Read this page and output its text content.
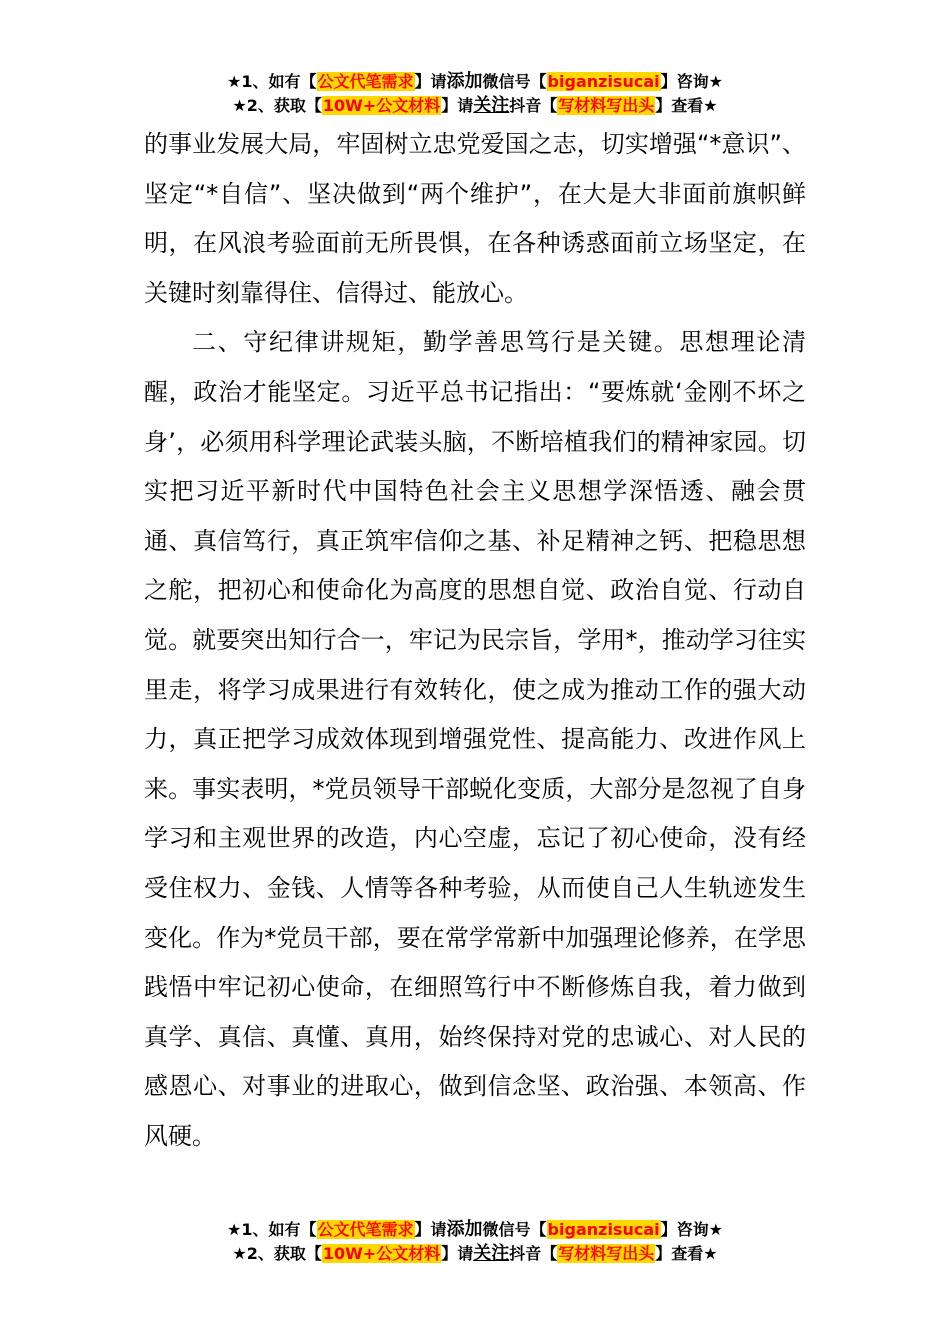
★1、如有【公文代笔需求】请添加微信号【biganzisucai】咨询★
★2、获取【10W+公文材料】请关注抖音【写材料写出头】查看★

的事业发展大局，牢固树立忠党爱国之志，切实增强“*意识”、坚定“*自信”、坚决做到“两个维护”，在大是大非面前旗帜鲜明，在风浪考验面前无所畏惧，在各种诱惑面前立场坚定，在关键时刻靠得住、信得过、能放心。

二、守纪律讲规矩，勤学善思笃行是关键。思想理论清醒，政治才能坚定。习近平总书记指出：“要炼就‘金刚不坏之身’，必须用科学理论武装头脑，不断培植我们的精神家园。切实把习近平新时代中国特色社会主义思想学深悟透、融会贯通、真信笃行，真正筑牢信仰之基、补足精神之钙、把稳思想之舵，把初心和使命化为高度的思想自觉、政治自觉、行动自觉。就要突出知行合一，牢记为民宗旨，学用*，推动学习往实里走，将学习成果进行有效转化，使之成为推动工作的强大动力，真正把学习成效体现到增强党性、提高能力、改进作风上来。事实表明，*党员领导干部蜕化变质，大部分是忽视了自身学习和主观世界的改造，内心空虚，忘记了初心使命，没有经受住权力、金钱、人情等各种考验，从而使自己人生轨迹发生变化。作为*党员干部，要在常学常新中加强理论修养，在学思践悟中牢记初心使命，在细照笃行中不断修炼自我，着力做到真学、真信、真懂、真用，始终保持对党的忠诚心、对人民的感恩心、对事业的进取心，做到信念坚、政治强、本领高、作风硬。

★1、如有【公文代笔需求】请添加微信号【biganzisucai】咨询★
★2、获取【10W+公文材料】请关注抖音【写材料写出头】查看★
